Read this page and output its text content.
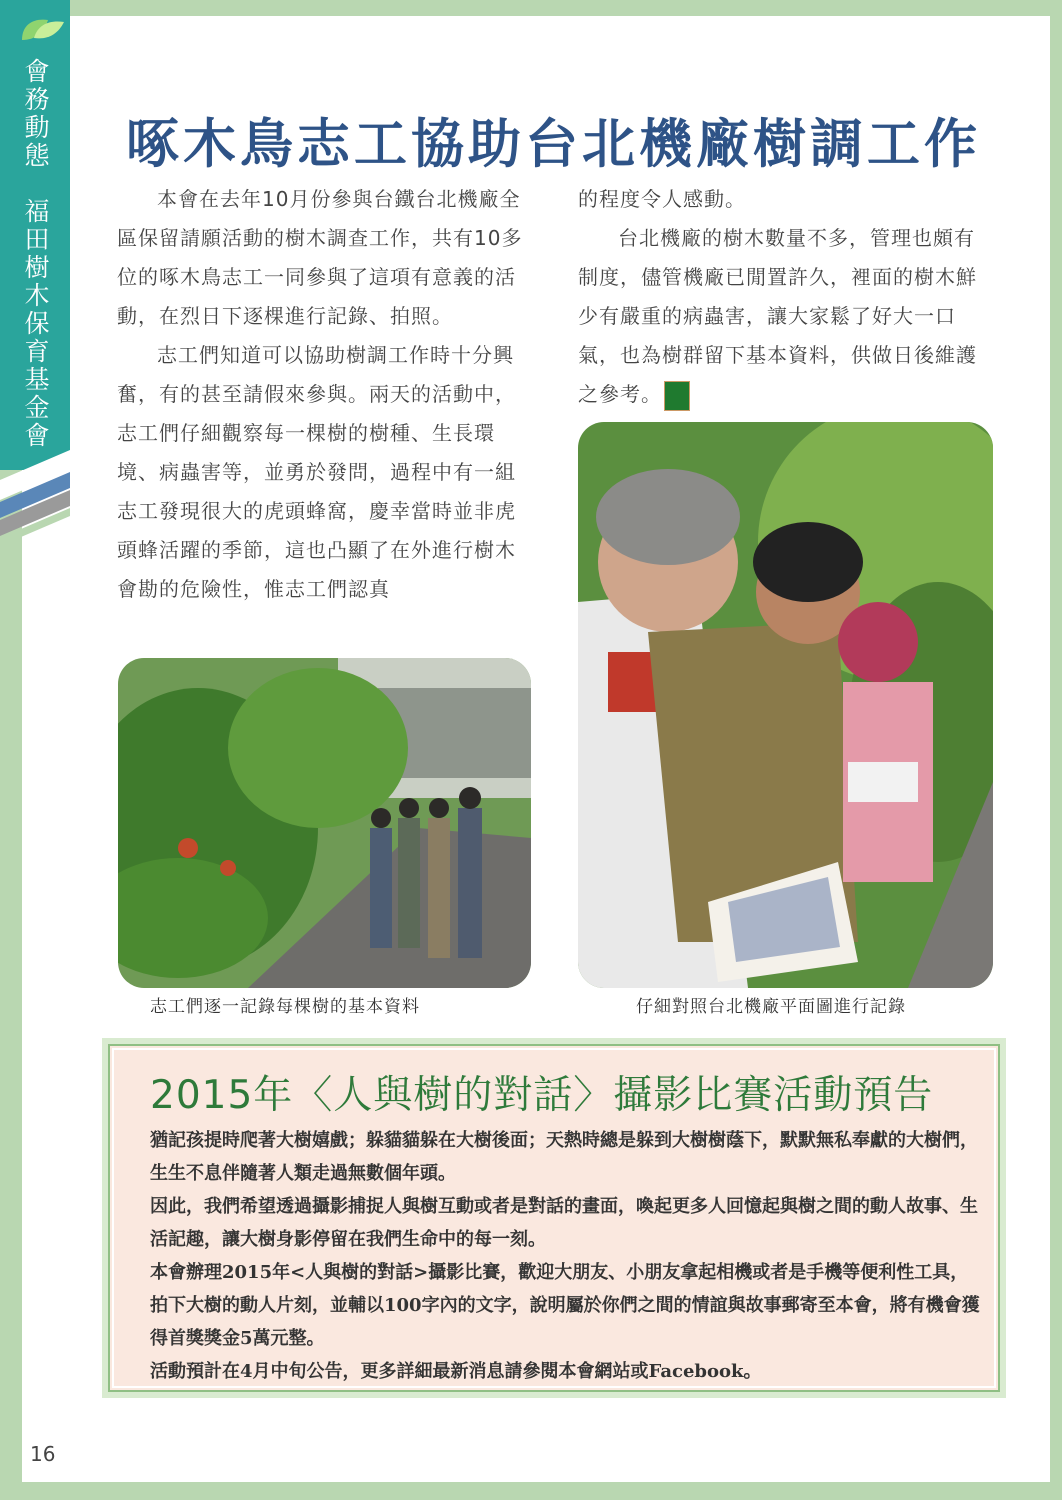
會務動態
福田樹木保育基金會
啄木鳥志工協助台北機廠樹調工作

本會在去年10月份參與台鐵台北機廠全區保留請願活動的樹木調查工作，共有10多位的啄木鳥志工一同參與了這項有意義的活動，在烈日下逐棵進行記錄、拍照。

志工們知道可以協助樹調工作時十分興奮，有的甚至請假來參與。兩天的活動中，志工們仔細觀察每一棵樹的樹種、生長環境、病蟲害等，並勇於發問，過程中有一組志工發現很大的虎頭蜂窩，慶幸當時並非虎頭蜂活躍的季節，這也凸顯了在外進行樹木會勘的危險性，惟志工們認真

的程度令人感動。

台北機廠的樹木數量不多，管理也頗有制度，儘管機廠已閒置許久，裡面的樹木鮮少有嚴重的病蟲害，讓大家鬆了好大一口氣，也為樹群留下基本資料，供做日後維護之參考。

志工們逐一記錄每棵樹的基本資料	仔細對照台北機廠平面圖進行記錄
2015年〈人與樹的對話〉攝影比賽活動預告

猶記孩提時爬著大樹嬉戲；躲貓貓躲在大樹後面；天熱時總是躲到大樹樹蔭下，默默無私奉獻的大樹們，生生不息伴隨著人類走過無數個年頭。

因此，我們希望透過攝影捕捉人與樹互動或者是對話的畫面，喚起更多人回憶起與樹之間的動人故事、生活記趣，讓大樹身影停留在我們生命中的每一刻。

本會辦理2015年<人與樹的對話>攝影比賽，歡迎大朋友、小朋友拿起相機或者是手機等便利性工具，拍下大樹的動人片刻，並輔以100字內的文字，說明屬於你們之間的情誼與故事郵寄至本會，將有機會獲得首獎獎金5萬元整。

活動預計在4月中旬公告，更多詳細最新消息請參閱本會網站或Facebook。

16
